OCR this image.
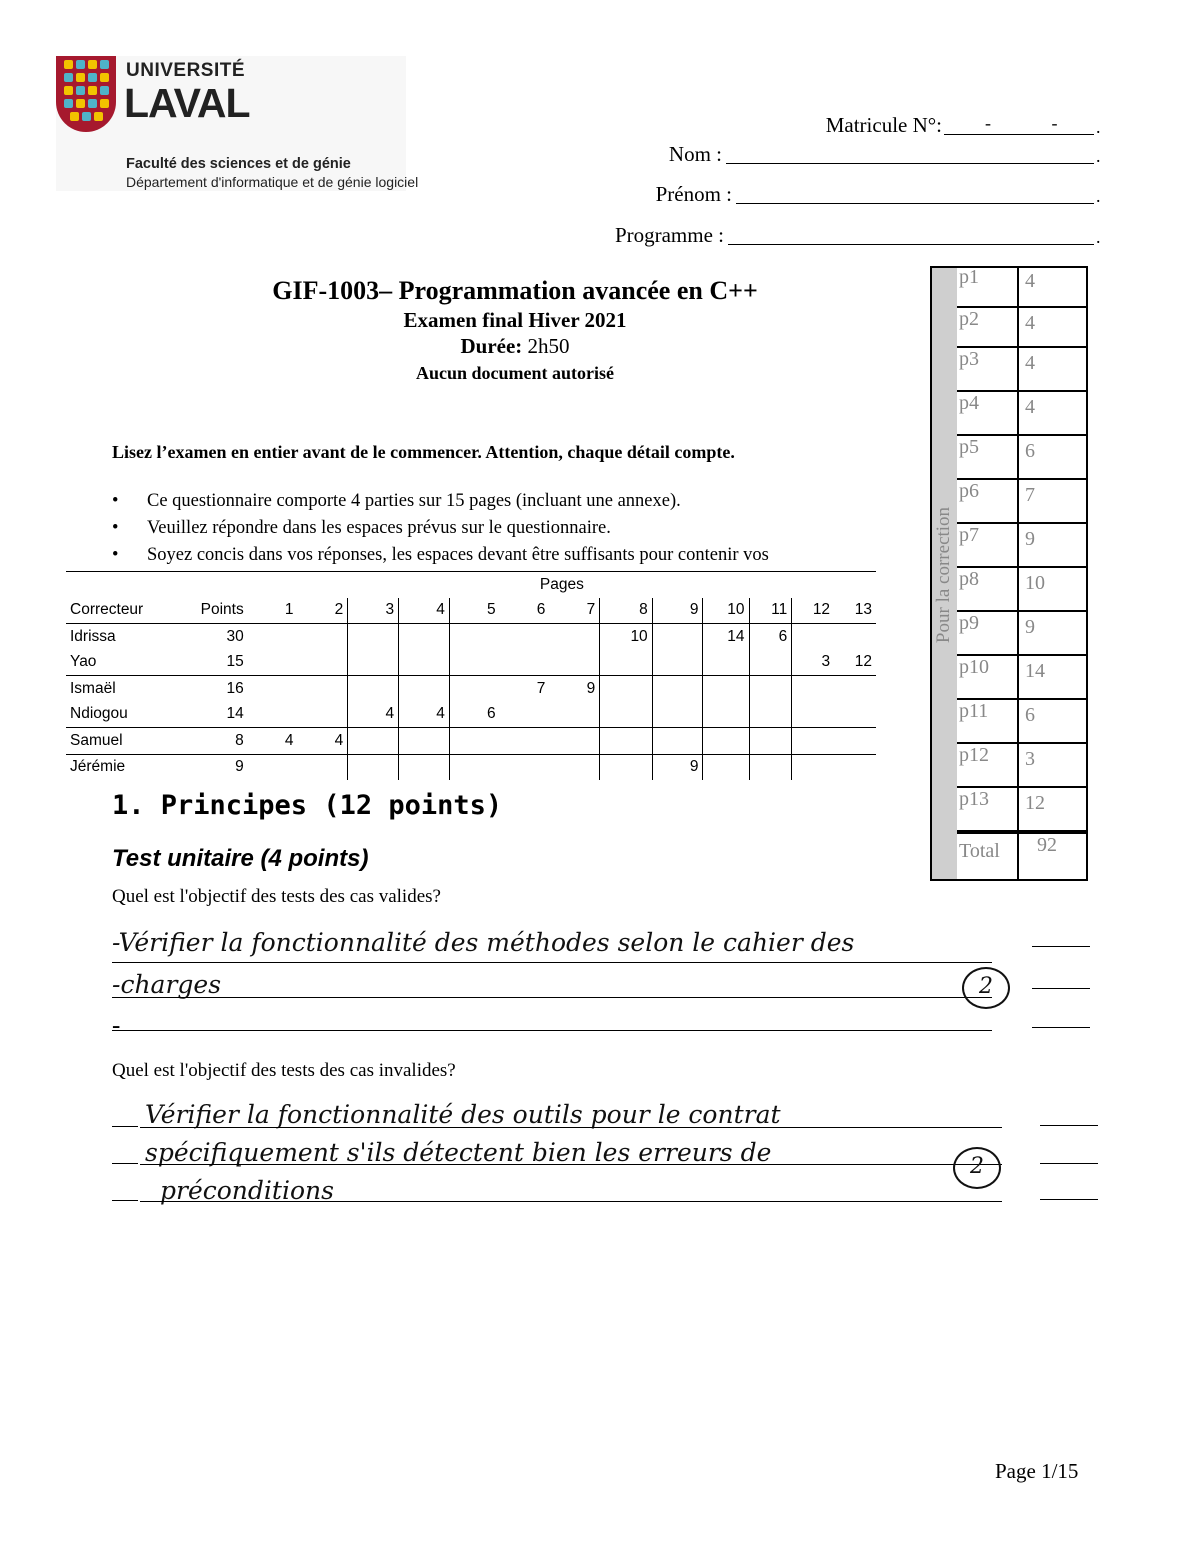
UNIVERSITÉ
LAVAL
Faculté des sciences et de génie
Département d'informatique et de génie logiciel
Matricule N°: - - .
Nom :	.
Prénom :	.
Programme :	.
GIF-1003– Programmation avancée en C++
Examen final Hiver 2021
Durée: 2h50
Aucun document autorisé
Lisez l’examen en entier avant de le commencer. Attention, chaque détail compte.
• Ce questionnaire comporte 4 parties sur 15 pages (incluant une annexe).
• Veuillez répondre dans les espaces prévus sur le questionnaire.
• Soyez concis dans vos réponses, les espaces devant être suffisants pour contenir vos
		Pages												
Correcteur	Points	1	2	3	4	5	6	7	8	9	10	11	12	13
Idrissa	30								10		14	6		
Yao	15												3	12
Ismaël	16						7	9						
Ndiogou	14			4	4	6								
Samuel	8	4	4											
Jérémie	9									9				
Pour la correction
p1	4
p2	4
p3	4
p4	4
p5	6
p6	7
p7	9
p8	10
p9	9
p10	14
p11	6
p12	3
p13	12
Total	92
1. Principes (12 points)
Test unitaire (4 points)
Quel est l'objectif des tests des cas valides?
-Vérifier la fonctionnalité des méthodes selon le cahier des
-charges
-
2
Quel est l'objectif des tests des cas invalides?
Vérifier la fonctionnalité des outils pour le contrat
spécifiquement s'ils détectent bien les erreurs de
préconditions
2
Page 1/15
